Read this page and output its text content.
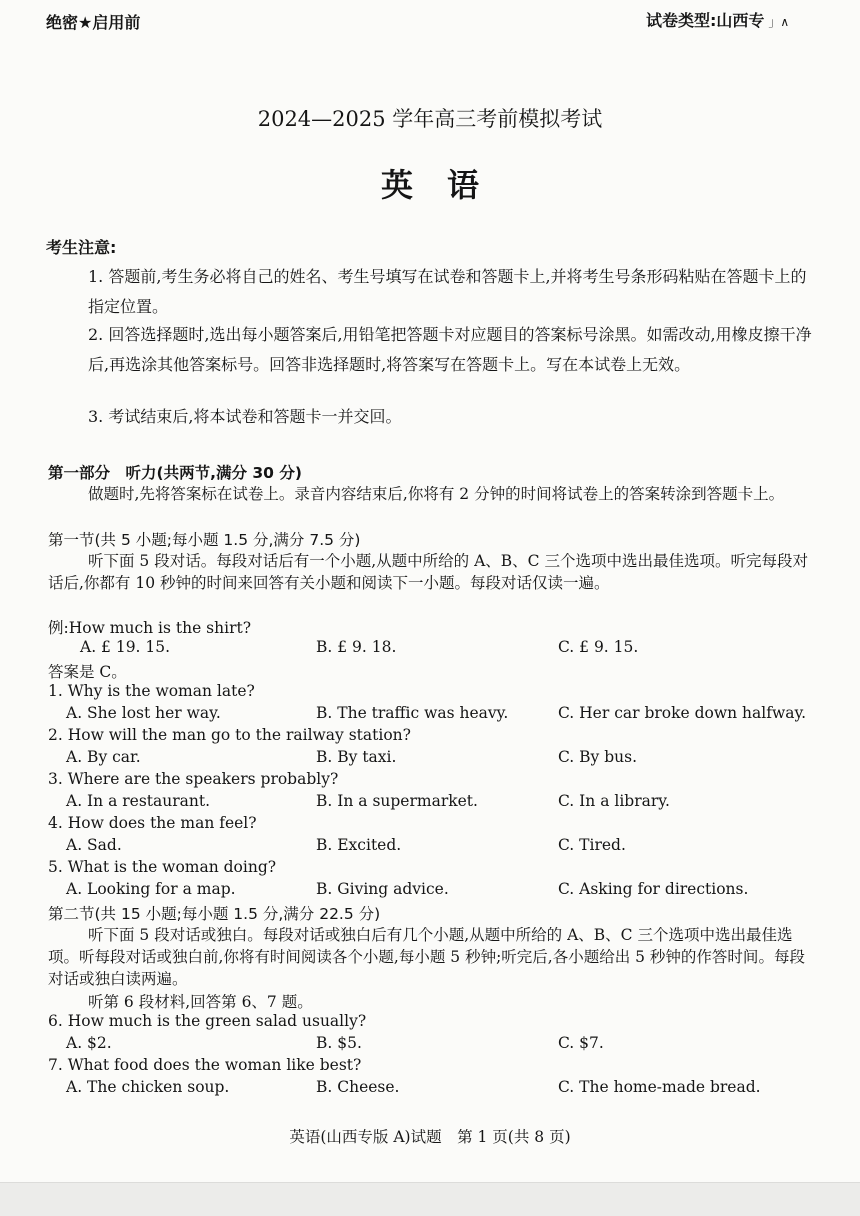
绝密★启用前	试卷类型:山西专 」∧
2024—2025 学年高三考前模拟考试
英语
考生注意:
1. 答题前,考生务必将自己的姓名、考生号填写在试卷和答题卡上,并将考生号条形码粘贴在答题卡上的指定位置。
2. 回答选择题时,选出每小题答案后,用铅笔把答题卡对应题目的答案标号涂黑。如需改动,用橡皮擦干净后,再选涂其他答案标号。回答非选择题时,将答案写在答题卡上。写在本试卷上无效。
3. 考试结束后,将本试卷和答题卡一并交回。
第一部分　听力(共两节,满分 30 分)
做题时,先将答案标在试卷上。录音内容结束后,你将有 2 分钟的时间将试卷上的答案转涂到答题卡上。
第一节(共 5 小题;每小题 1.5 分,满分 7.5 分)
听下面 5 段对话。每段对话后有一个小题,从题中所给的 A、B、C 三个选项中选出最佳选项。听完每段对话后,你都有 10 秒钟的时间来回答有关小题和阅读下一小题。每段对话仅读一遍。
例:How much is the shirt?
A. £ 19. 15.	B. £ 9. 18.	C. £ 9. 15.
答案是 C。
1. Why is the woman late?
A. She lost her way.	B. The traffic was heavy.	C. Her car broke down halfway.
2. How will the man go to the railway station?
A. By car.	B. By taxi.	C. By bus.
3. Where are the speakers probably?
A. In a restaurant.	B. In a supermarket.	C. In a library.
4. How does the man feel?
A. Sad.	B. Excited.	C. Tired.
5. What is the woman doing?
A. Looking for a map.	B. Giving advice.	C. Asking for directions.
第二节(共 15 小题;每小题 1.5 分,满分 22.5 分)
听下面 5 段对话或独白。每段对话或独白后有几个小题,从题中所给的 A、B、C 三个选项中选出最佳选项。听每段对话或独白前,你将有时间阅读各个小题,每小题 5 秒钟;听完后,各小题给出 5 秒钟的作答时间。每段对话或独白读两遍。
听第 6 段材料,回答第 6、7 题。
6. How much is the green salad usually?
A. $2.	B. $5.	C. $7.
7. What food does the woman like best?
A. The chicken soup.	B. Cheese.	C. The home-made bread.
英语(山西专版 A)试题　第 1 页(共 8 页)
